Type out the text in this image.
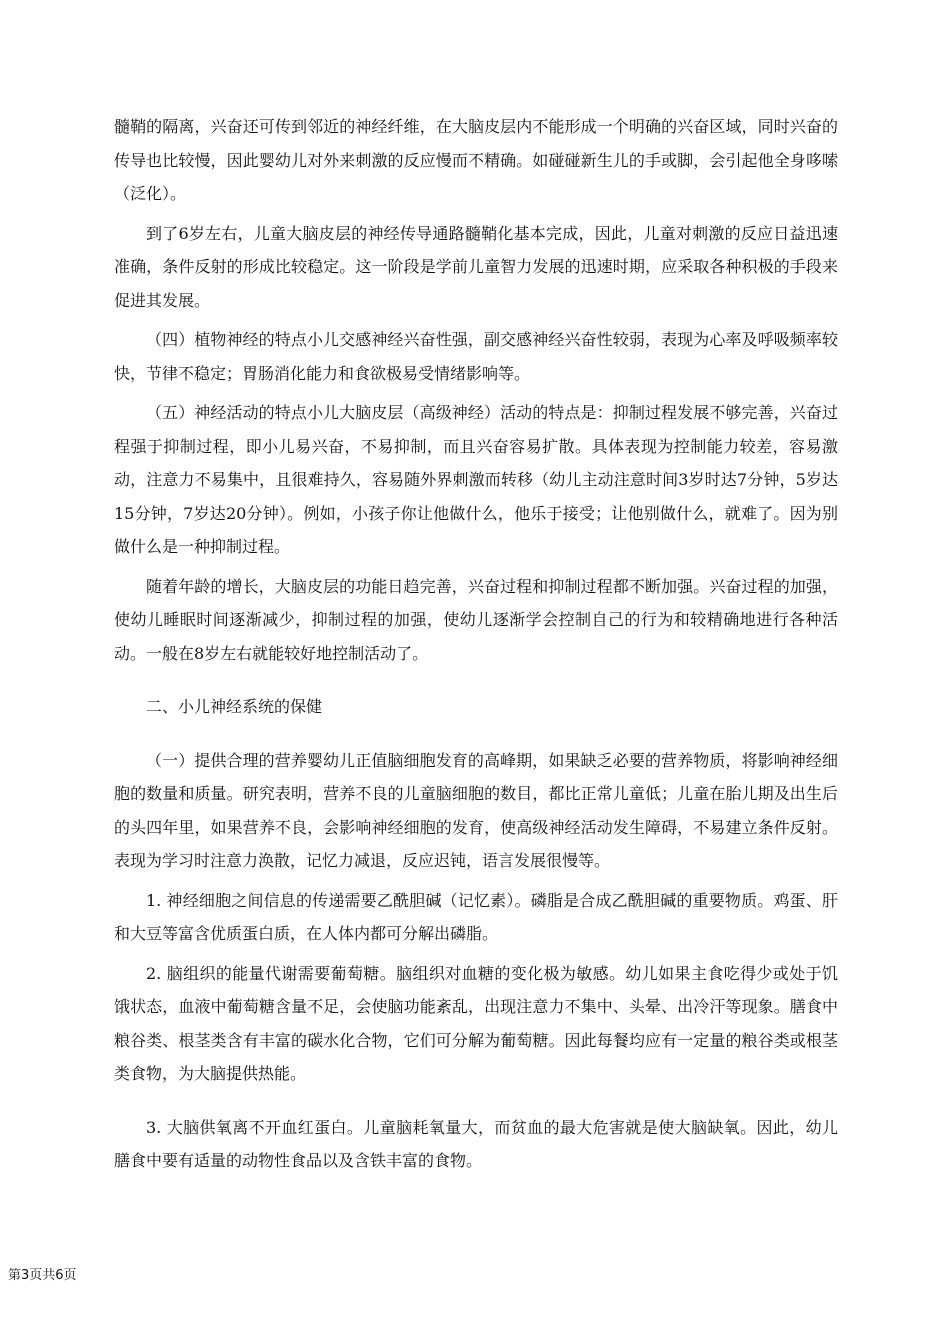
髓鞘的隔离，兴奋还可传到邻近的神经纤维，在大脑皮层内不能形成一个明确的兴奋区域，同时兴奋的传导也比较慢，因此婴幼儿对外来刺激的反应慢而不精确。如碰碰新生儿的手或脚，会引起他全身哆嗦（泛化）。

到了6岁左右，儿童大脑皮层的神经传导通路髓鞘化基本完成，因此，儿童对刺激的反应日益迅速准确，条件反射的形成比较稳定。这一阶段是学前儿童智力发展的迅速时期，应采取各种积极的手段来促进其发展。

（四）植物神经的特点小儿交感神经兴奋性强，副交感神经兴奋性较弱，表现为心率及呼吸频率较快，节律不稳定；胃肠消化能力和食欲极易受情绪影响等。

（五）神经活动的特点小儿大脑皮层（高级神经）活动的特点是：抑制过程发展不够完善，兴奋过程强于抑制过程，即小儿易兴奋，不易抑制，而且兴奋容易扩散。具体表现为控制能力较差，容易激动，注意力不易集中，且很难持久，容易随外界刺激而转移（幼儿主动注意时间3岁时达7分钟，5岁达15分钟，7岁达20分钟）。例如，小孩子你让他做什么，他乐于接受；让他别做什么，就难了。因为别做什么是一种抑制过程。

随着年龄的增长，大脑皮层的功能日趋完善，兴奋过程和抑制过程都不断加强。兴奋过程的加强，使幼儿睡眠时间逐渐减少，抑制过程的加强，使幼儿逐渐学会控制自己的行为和较精确地进行各种活动。一般在8岁左右就能较好地控制活动了。

二、小儿神经系统的保健

（一）提供合理的营养婴幼儿正值脑细胞发育的高峰期，如果缺乏必要的营养物质，将影响神经细胞的数量和质量。研究表明，营养不良的儿童脑细胞的数目，都比正常儿童低；儿童在胎儿期及出生后的头四年里，如果营养不良，会影响神经细胞的发育，使高级神经活动发生障碍，不易建立条件反射。表现为学习时注意力涣散，记忆力减退，反应迟钝，语言发展很慢等。

1. 神经细胞之间信息的传递需要乙酰胆碱（记忆素）。磷脂是合成乙酰胆碱的重要物质。鸡蛋、肝和大豆等富含优质蛋白质，在人体内都可分解出磷脂。

2. 脑组织的能量代谢需要葡萄糖。脑组织对血糖的变化极为敏感。幼儿如果主食吃得少或处于饥饿状态，血液中葡萄糖含量不足，会使脑功能紊乱，出现注意力不集中、头晕、出冷汗等现象。膳食中粮谷类、根茎类含有丰富的碳水化合物，它们可分解为葡萄糖。因此每餐均应有一定量的粮谷类或根茎类食物，为大脑提供热能。

3. 大脑供氧离不开血红蛋白。儿童脑耗氧量大，而贫血的最大危害就是使大脑缺氧。因此，幼儿膳食中要有适量的动物性食品以及含铁丰富的食物。

第3页共6页
